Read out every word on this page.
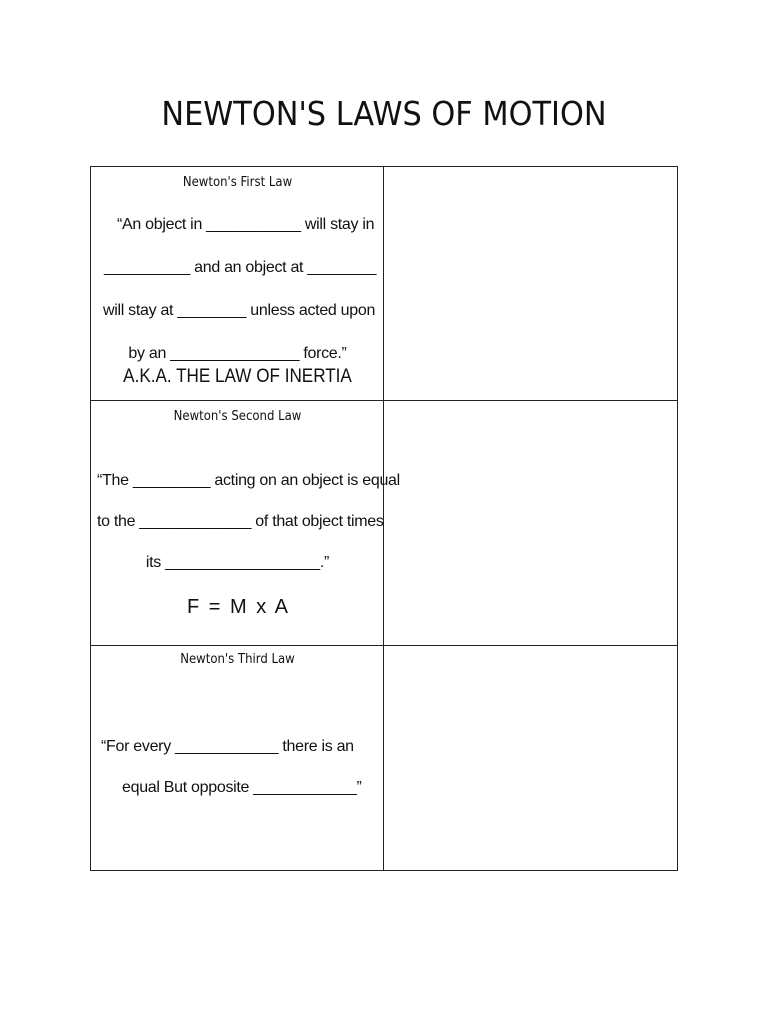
NEWTON'S LAWS OF MOTION
Newton's First Law
“An object in ___________ will stay in
__________ and an object at ________
will stay at ________ unless acted upon
by an _______________ force.”
A.K.A. THE LAW OF INERTIA
Newton's Second Law
“The _________ acting on an object is equal
to the _____________ of that object times
its __________________.”
F = M x A
Newton's Third Law
“For every ____________ there is an
equal But opposite ____________”
